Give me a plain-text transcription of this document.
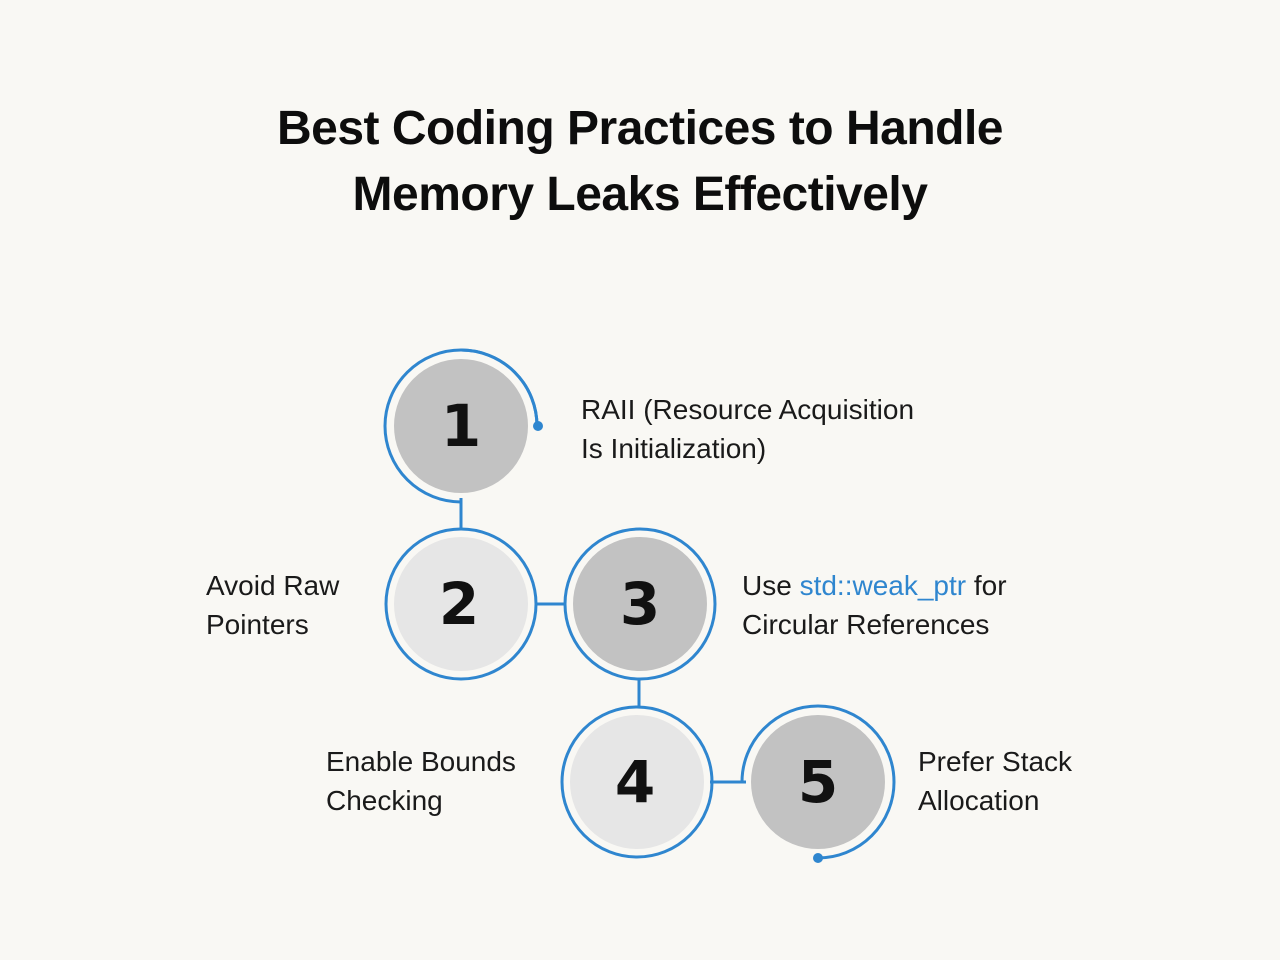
Best Coding Practices to Handle
Memory Leaks Effectively
1
2 3
4 5
RAII (Resource Acquisition
Is Initialization)
Avoid Raw
Pointers
Use std::weak_ptr for
Circular References
Enable Bounds
Checking
Prefer Stack
Allocation
